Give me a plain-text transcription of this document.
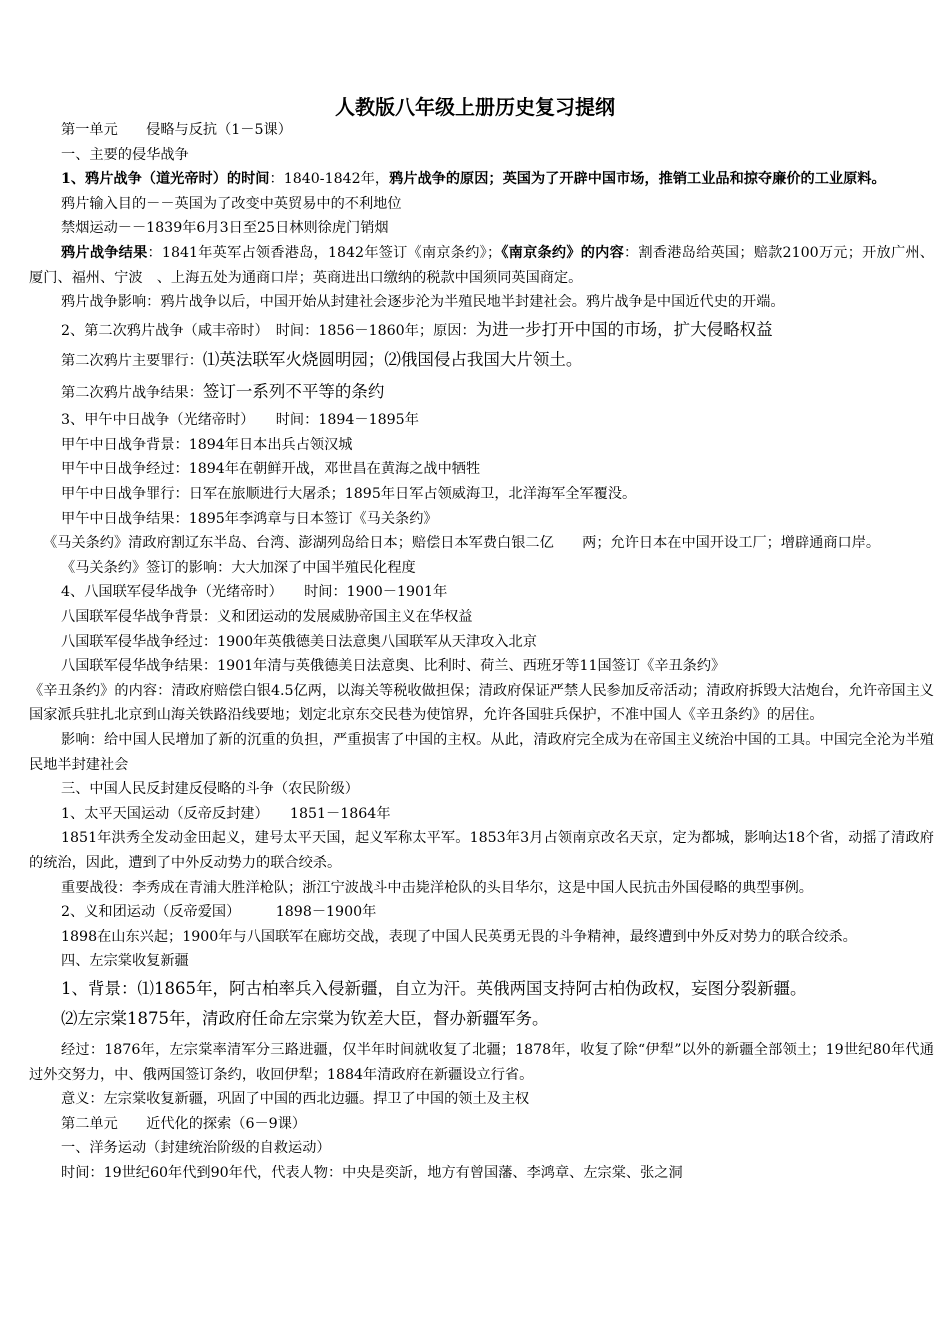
人教版八年级上册历史复习提纲

第一单元　　 侵略与反抗（1－5课）

一、主要的侵华战争

1、鸦片战争（道光帝时）的时间：1840-1842年，鸦片战争的原因；英国为了开辟中国市场，推销工业品和掠夺廉价的工业原料。

鸦片输入目的－－英国为了改变中英贸易中的不利地位

禁烟运动－－1839年6月3日至25日林则徐虎门销烟

鸦片战争结果：1841年英军占领香港岛，1842年签订《南京条约》；《南京条约》的内容：割香港岛给英国；赔款2100万元；开放广州、厦门、福州、宁波　、上海五处为通商口岸；英商进出口缴纳的税款中国须同英国商定。

鸦片战争影响：鸦片战争以后，中国开始从封建社会逐步沦为半殖民地半封建社会。鸦片战争是中国近代史的开端。

2、第二次鸦片战争（咸丰帝时）　时间：1856－1860年；原因：为进一步打开中国的市场，扩大侵略权益

第二次鸦片主要罪行：⑴英法联军火烧圆明园；⑵俄国侵占我国大片领土。

第二次鸦片战争结果：签订一系列不平等的条约

3、甲午中日战争（光绪帝时）　　时间：1894－1895年

甲午中日战争背景：1894年日本出兵占领汉城

甲午中日战争经过：1894年在朝鲜开战，邓世昌在黄海之战中牺牲

甲午中日战争罪行：日军在旅顺进行大屠杀；1895年日军占领威海卫，北洋海军全军覆没。

甲午中日战争结果：1895年李鸿章与日本签订《马关条约》

《马关条约》清政府割辽东半岛、台湾、澎湖列岛给日本；赔偿日本军费白银二亿　　两；允许日本在中国开设工厂；增辟通商口岸。

《马关条约》签订的影响：大大加深了中国半殖民化程度

4、八国联军侵华战争（光绪帝时）　　时间：1900－1901年

八国联军侵华战争背景：义和团运动的发展威胁帝国主义在华权益

八国联军侵华战争经过：1900年英俄德美日法意奥八国联军从天津攻入北京

八国联军侵华战争结果：1901年清与英俄德美日法意奥、比利时、荷兰、西班牙等11国签订《辛丑条约》

《辛丑条约》的内容：清政府赔偿白银4.5亿两，以海关等税收做担保；清政府保证严禁人民参加反帝活动；清政府拆毁大沽炮台，允许帝国主义国家派兵驻扎北京到山海关铁路沿线要地；划定北京东交民巷为使馆界，允许各国驻兵保护，不准中国人《辛丑条约》的居住。

影响：给中国人民增加了新的沉重的负担，严重损害了中国的主权。从此，清政府完全成为在帝国主义统治中国的工具。中国完全沦为半殖民地半封建社会

三、中国人民反封建反侵略的斗争（农民阶级）

1、太平天国运动（反帝反封建）　　1851－1864年

1851年洪秀全发动金田起义，建号太平天国，起义军称太平军。1853年3月占领南京改名天京，定为都城，影响达18个省，动摇了清政府的统治，因此，遭到了中外反动势力的联合绞杀。

重要战役：李秀成在青浦大胜洋枪队；浙江宁波战斗中击毙洋枪队的头目华尔，这是中国人民抗击外国侵略的典型事例。

2、义和团运动（反帝爱国）　　　1898－1900年

1898在山东兴起；1900年与八国联军在廊坊交战，表现了中国人民英勇无畏的斗争精神，最终遭到中外反对势力的联合绞杀。

四、左宗棠收复新疆

1、背景：⑴1865年，阿古柏率兵入侵新疆，自立为汗。英俄两国支持阿古柏伪政权，妄图分裂新疆。

⑵左宗棠1875年，清政府任命左宗棠为钦差大臣，督办新疆军务。

经过：1876年，左宗棠率清军分三路进疆，仅半年时间就收复了北疆；1878年，收复了除“伊犁”以外的新疆全部领土；19世纪80年代通过外交努力，中、俄两国签订条约，收回伊犁；1884年清政府在新疆设立行省。

意义：左宗棠收复新疆，巩固了中国的西北边疆。捍卫了中国的领土及主权

第二单元　　 近代化的探索（6－9课）

一、洋务运动（封建统治阶级的自救运动）

时间：19世纪60年代到90年代，代表人物：中央是奕訢，地方有曾国藩、李鸿章、左宗棠、张之洞
